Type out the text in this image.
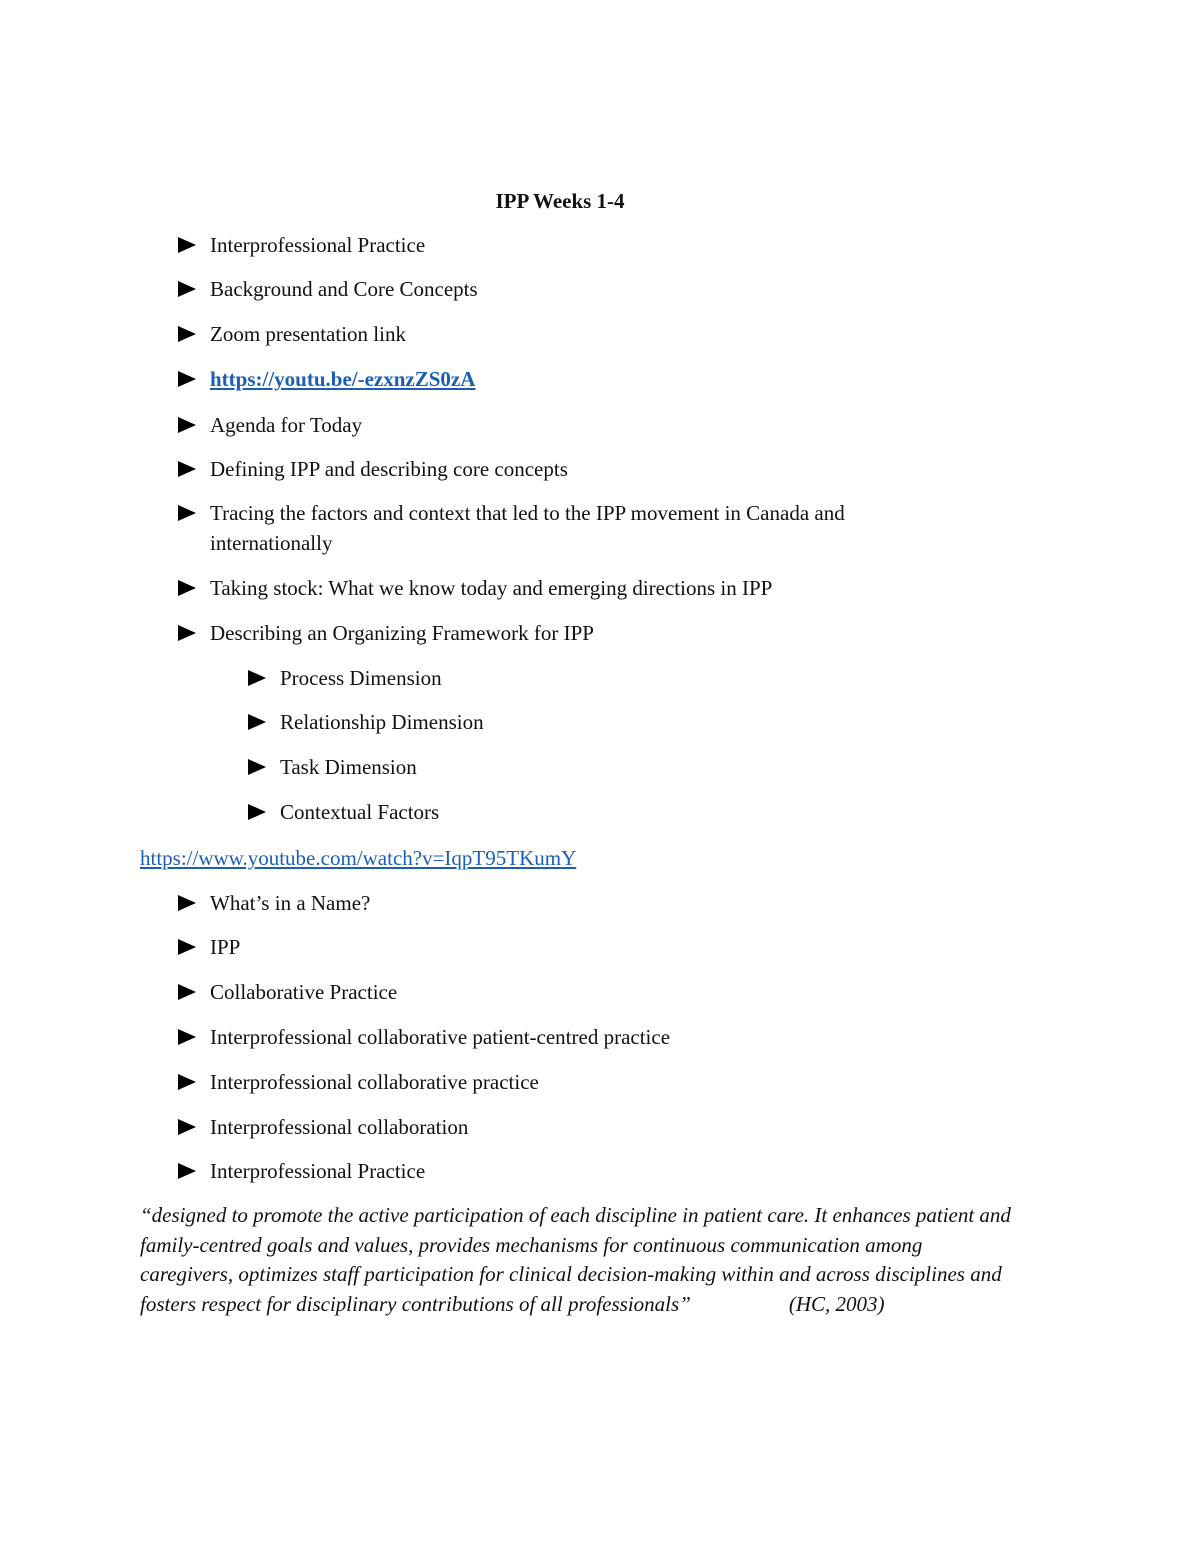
IPP Weeks 1-4
Interprofessional Practice
Background and Core Concepts
Zoom presentation link
https://youtu.be/-ezxnzZS0zA
Agenda for Today
Defining IPP and describing core concepts
Tracing the factors and context that led to the IPP movement in Canada and internationally
Taking stock: What we know today and emerging directions in IPP
Describing an Organizing Framework for IPP
Process Dimension
Relationship Dimension
Task Dimension
Contextual Factors
https://www.youtube.com/watch?v=IqpT95TKumY
What’s in a Name?
IPP
Collaborative Practice
Interprofessional collaborative patient-centred practice
Interprofessional collaborative practice
Interprofessional collaboration
Interprofessional Practice
“designed to promote the active participation of each discipline in patient care. It enhances patient and family-centred goals and values, provides mechanisms for continuous communication among caregivers, optimizes staff participation for clinical decision-making within and across disciplines and fosters respect for disciplinary contributions of all professionals”	(HC, 2003)
